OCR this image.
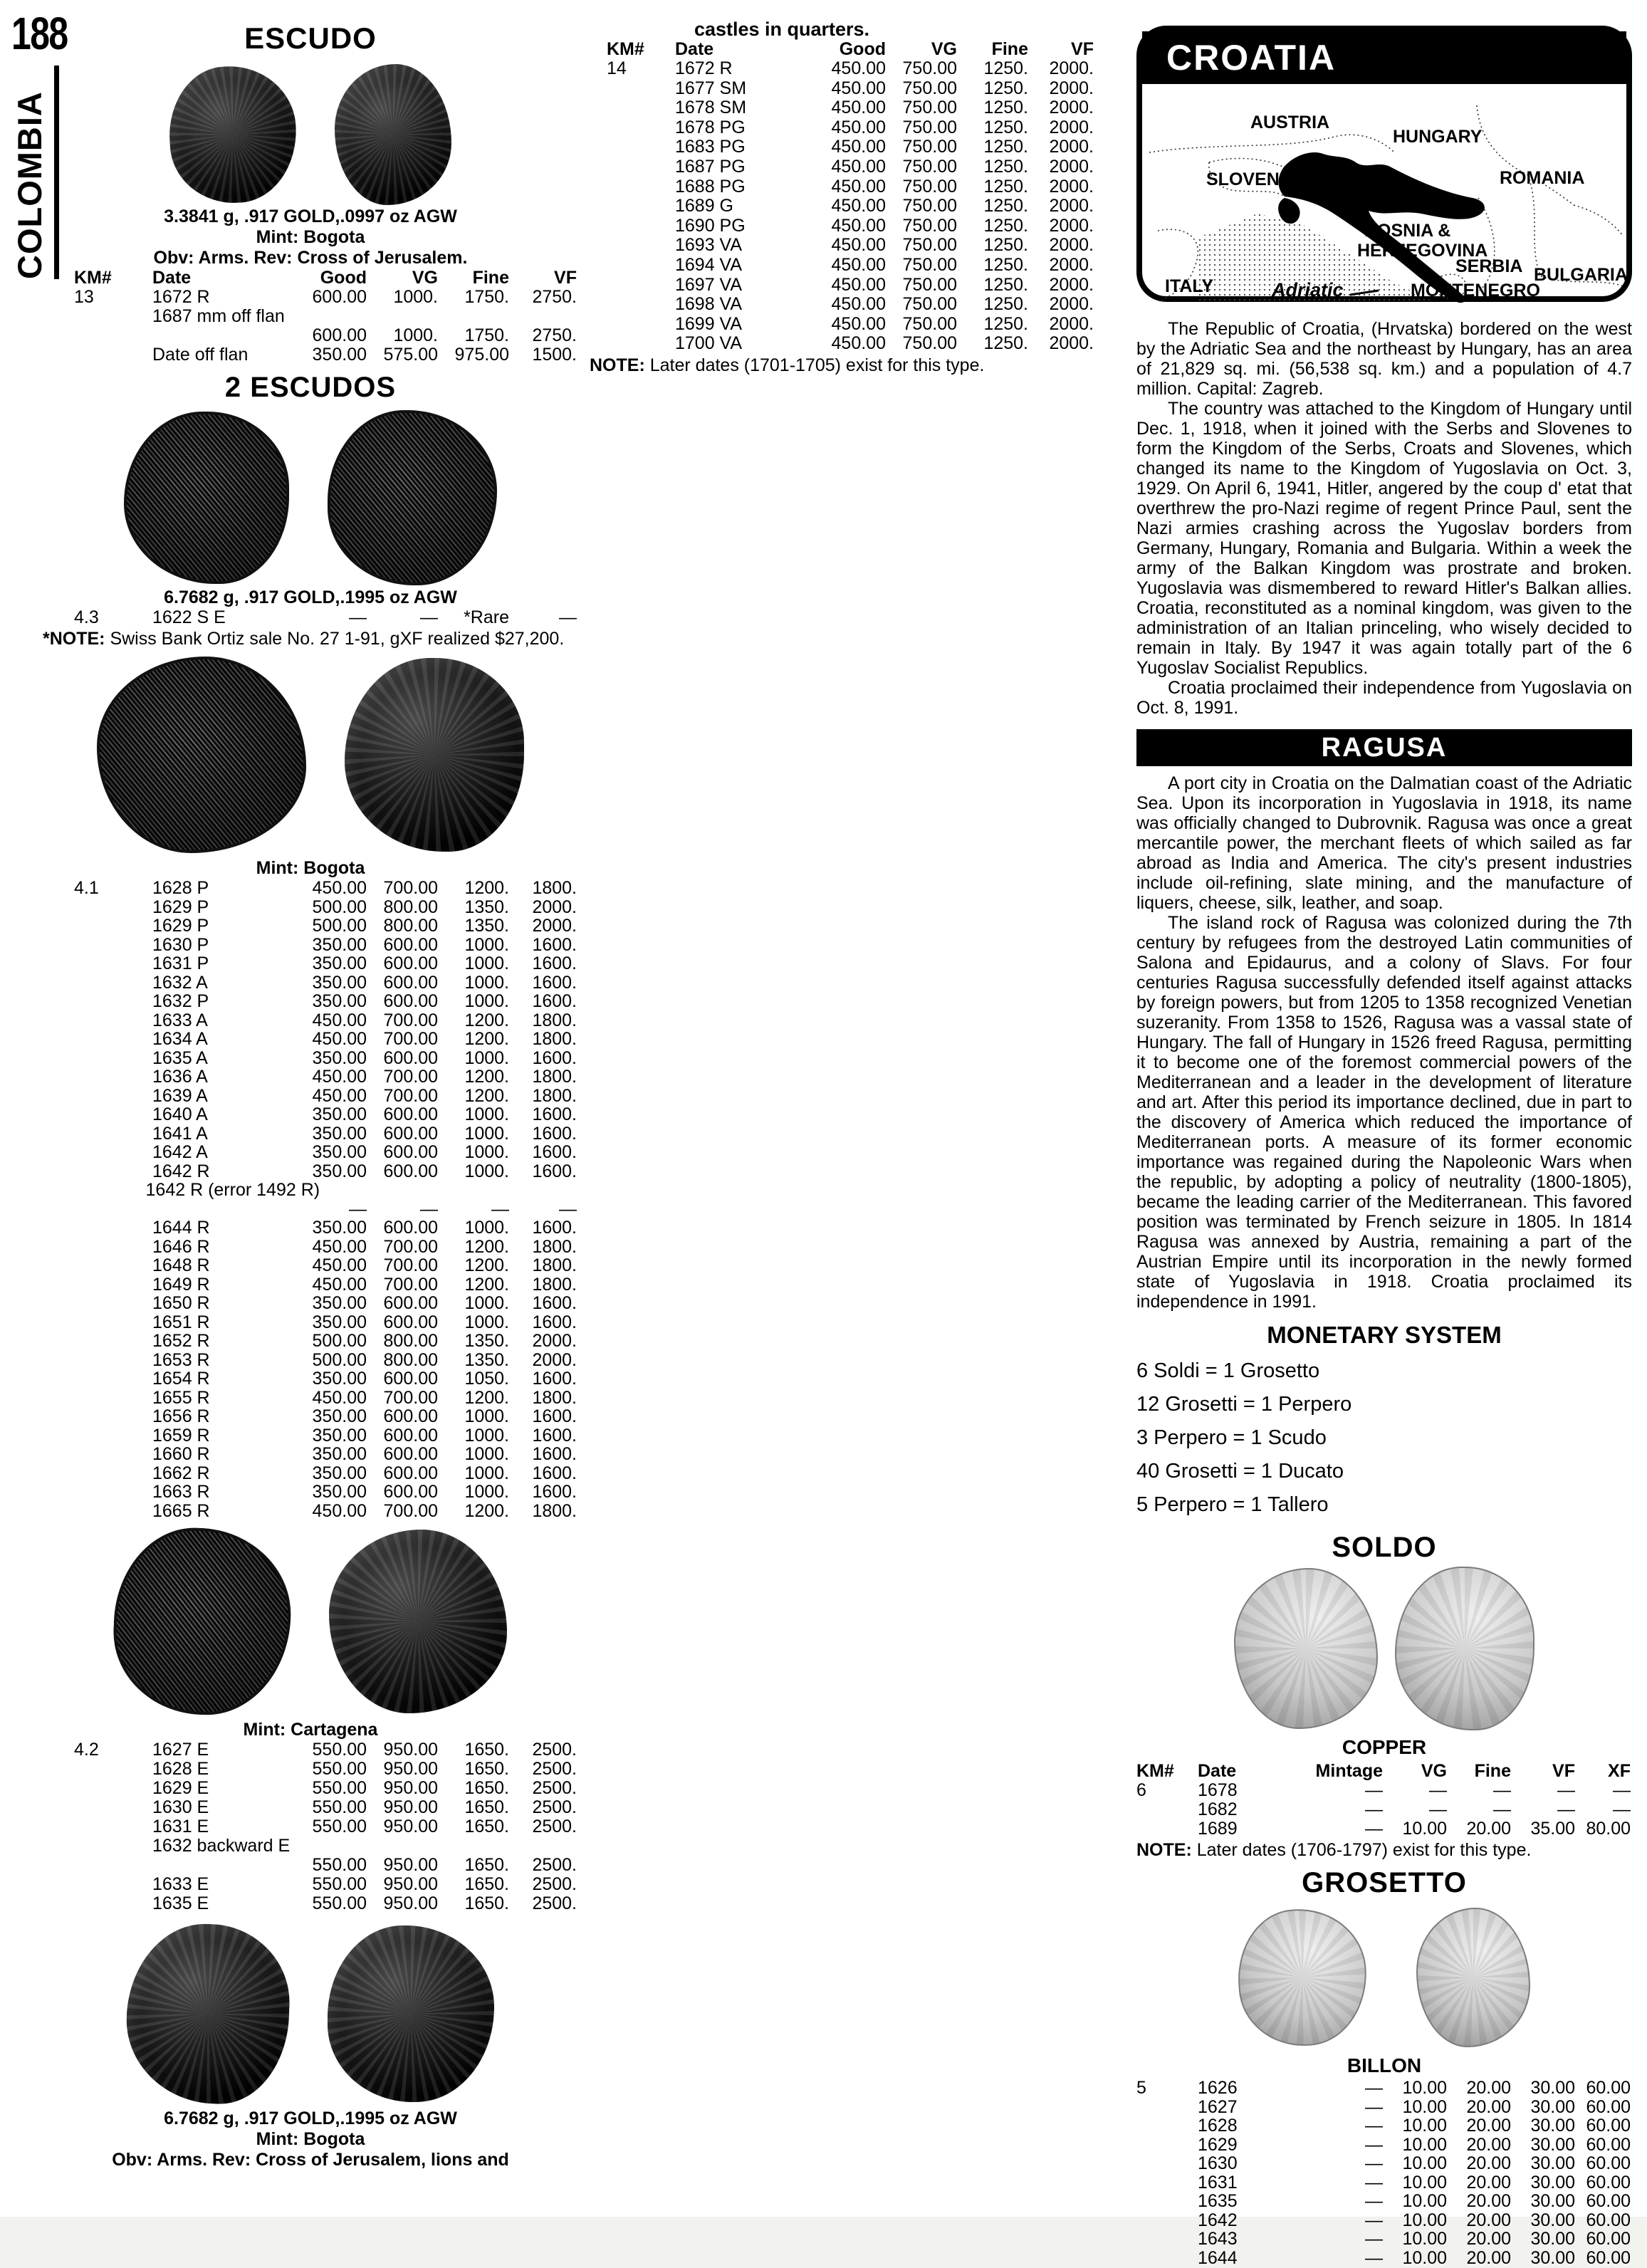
188
COLOMBIA
ESCUDO
3.3841 g, .917 GOLD,.0997 oz AGW
Mint: Bogota
Obv: Arms. Rev: Cross of Jerusalem.
KM#	Date	Good	VG	Fine	VF
13	1672 R	600.00	1000.	1750.	2750.
1687 mm off flan
600.00	1000.	1750.	2750.
Date off flan	350.00 575.00 975.00	1500.
2 ESCUDOS
6.7682 g, .917 GOLD,.1995 oz AGW
4.3	1622 S E	—	—	*Rare	—
*NOTE: Swiss Bank Ortiz sale No. 27 1-91, gXF realized $27,200.
Mint: Bogota
4.1	1628 P	450.00 700.00	1200.	1800.
1629 P	500.00 800.00	1350.	2000.
1629 P	500.00 800.00	1350.	2000.
1630 P	350.00 600.00	1000.	1600.
1631 P	350.00 600.00	1000.	1600.
1632 A	350.00 600.00	1000.	1600.
1632 P	350.00 600.00	1000.	1600.
1633 A	450.00 700.00	1200.	1800.
1634 A	450.00 700.00	1200.	1800.
1635 A	350.00 600.00	1000.	1600.
1636 A	450.00 700.00	1200.	1800.
1639 A	450.00 700.00	1200.	1800.
1640 A	350.00 600.00	1000.	1600.
1641 A	350.00 600.00	1000.	1600.
1642 A	350.00 600.00	1000.	1600.
1642 R	350.00 600.00	1000.	1600.
1642 R (error 1492 R)
—	—	—	—
1644 R	350.00 600.00	1000.	1600.
1646 R	450.00 700.00	1200.	1800.
1648 R	450.00 700.00	1200.	1800.
1649 R	450.00 700.00	1200.	1800.
1650 R	350.00 600.00	1000.	1600.
1651 R	350.00 600.00	1000.	1600.
1652 R	500.00 800.00	1350.	2000.
1653 R	500.00 800.00	1350.	2000.
1654 R	350.00 600.00	1050.	1600.
1655 R	450.00 700.00	1200.	1800.
1656 R	350.00 600.00	1000.	1600.
1659 R	350.00 600.00	1000.	1600.
1660 R	350.00 600.00	1000.	1600.
1662 R	350.00 600.00	1000.	1600.
1663 R	350.00 600.00	1000.	1600.
1665 R	450.00 700.00	1200.	1800.
Mint: Cartagena
4.2	1627 E	550.00 950.00	1650.	2500.
1628 E	550.00 950.00	1650.	2500.
1629 E	550.00 950.00	1650.	2500.
1630 E	550.00 950.00	1650.	2500.
1631 E	550.00 950.00	1650.	2500.
1632 backward E
550.00 950.00	1650.	2500.
1633 E	550.00 950.00	1650.	2500.
1635 E	550.00 950.00	1650.	2500.
6.7682 g, .917 GOLD,.1995 oz AGW
Mint: Bogota
Obv: Arms. Rev: Cross of Jerusalem, lions and
castles in quarters.
KM#	Date	Good	VG	Fine	VF
14	1672 R	450.00 750.00	1250.	2000.
1677 SM	450.00 750.00	1250.	2000.
1678 SM	450.00 750.00	1250.	2000.
1678 PG	450.00 750.00	1250.	2000.
1683 PG	450.00 750.00	1250.	2000.
1687 PG	450.00 750.00	1250.	2000.
1688 PG	450.00 750.00	1250.	2000.
1689 G	450.00 750.00	1250.	2000.
1690 PG	450.00 750.00	1250.	2000.
1693 VA	450.00 750.00	1250.	2000.
1694 VA	450.00 750.00	1250.	2000.
1697 VA	450.00 750.00	1250.	2000.
1698 VA	450.00 750.00	1250.	2000.
1699 VA	450.00 750.00	1250.	2000.
1700 VA	450.00 750.00	1250.	2000.
NOTE: Later dates (1701-1705) exist for this type.
CROATIA
AUSTRIA
HUNGARY
SLOVENIA	ROMANIA
BOSNIA &
HERZEGOVINA
SERBIA
ITALY	Adriatic	MONTENEGRO
BULGARIA

The Republic of Croatia, (Hrvatska) bordered on the west by the Adriatic Sea and the northeast by Hungary, has an area of 21,829 sq. mi. (56,538 sq. km.) and a population of 4.7 million. Capital: Zagreb.

The country was attached to the Kingdom of Hungary until Dec. 1, 1918, when it joined with the Serbs and Slovenes to form the Kingdom of the Serbs, Croats and Slovenes, which changed its name to the Kingdom of Yugoslavia on Oct. 3, 1929. On April 6, 1941, Hitler, angered by the coup d' etat that overthrew the pro-Nazi regime of regent Prince Paul, sent the Nazi armies crashing across the Yugoslav borders from Germany, Hungary, Romania and Bulgaria. Within a week the army of the Balkan Kingdom was prostrate and broken. Yugoslavia was dismembered to reward Hitler's Balkan allies. Croatia, reconstituted as a nominal kingdom, was given to the administration of an Italian princeling, who wisely decided to remain in Italy. By 1947 it was again totally part of the 6 Yugoslav Socialist Republics.

Croatia proclaimed their independence from Yugoslavia on Oct. 8, 1991.

RAGUSA

A port city in Croatia on the Dalmatian coast of the Adriatic Sea. Upon its incorporation in Yugoslavia in 1918, its name was officially changed to Dubrovnik. Ragusa was once a great mercantile power, the merchant fleets of which sailed as far abroad as India and America. The city's present industries include oil-refining, slate mining, and the manufacture of liquers, cheese, silk, leather, and soap.

The island rock of Ragusa was colonized during the 7th century by refugees from the destroyed Latin communities of Salona and Epidaurus, and a colony of Slavs. For four centuries Ragusa successfully defended itself against attacks by foreign powers, but from 1205 to 1358 recognized Venetian suzeranity. From 1358 to 1526, Ragusa was a vassal state of Hungary. The fall of Hungary in 1526 freed Ragusa, permitting it to become one of the foremost commercial powers of the Mediterranean and a leader in the development of literature and art. After this period its importance declined, due in part to the discovery of America which reduced the importance of Mediterranean ports. A measure of its former economic importance was regained during the Napoleonic Wars when the republic, by adopting a policy of neutrality (1800-1805), became the leading carrier of the Mediterranean. This favored position was terminated by French seizure in 1805. In 1814 Ragusa was annexed by Austria, remaining a part of the Austrian Empire until its incorporation in the newly formed state of Yugoslavia in 1918. Croatia proclaimed its independence in 1991.

MONETARY SYSTEM
6 Soldi = 1 Grosetto
12 Grosetti = 1 Perpero
3 Perpero = 1 Scudo
40 Grosetti = 1 Ducato
5 Perpero = 1 Tallero
SOLDO
COPPER
KM#	Date	Mintage	VG	Fine	VF	XF
6	1678	—	—	—	—	—
1682	—	—	—	—	—
1689	—	10.00	20.00	35.00 80.00
NOTE: Later dates (1706-1797) exist for this type.
GROSETTO
BILLON
5	1626	—	10.00	20.00	30.00 60.00
1627	—	10.00	20.00	30.00 60.00
1628	—	10.00	20.00	30.00 60.00
1629	—	10.00	20.00	30.00 60.00
1630	—	10.00	20.00	30.00 60.00
1631	—	10.00	20.00	30.00 60.00
1635	—	10.00	20.00	30.00 60.00
1642	—	10.00	20.00	30.00 60.00
1643	—	10.00	20.00	30.00 60.00
1644	—	10.00	20.00	30.00 60.00
